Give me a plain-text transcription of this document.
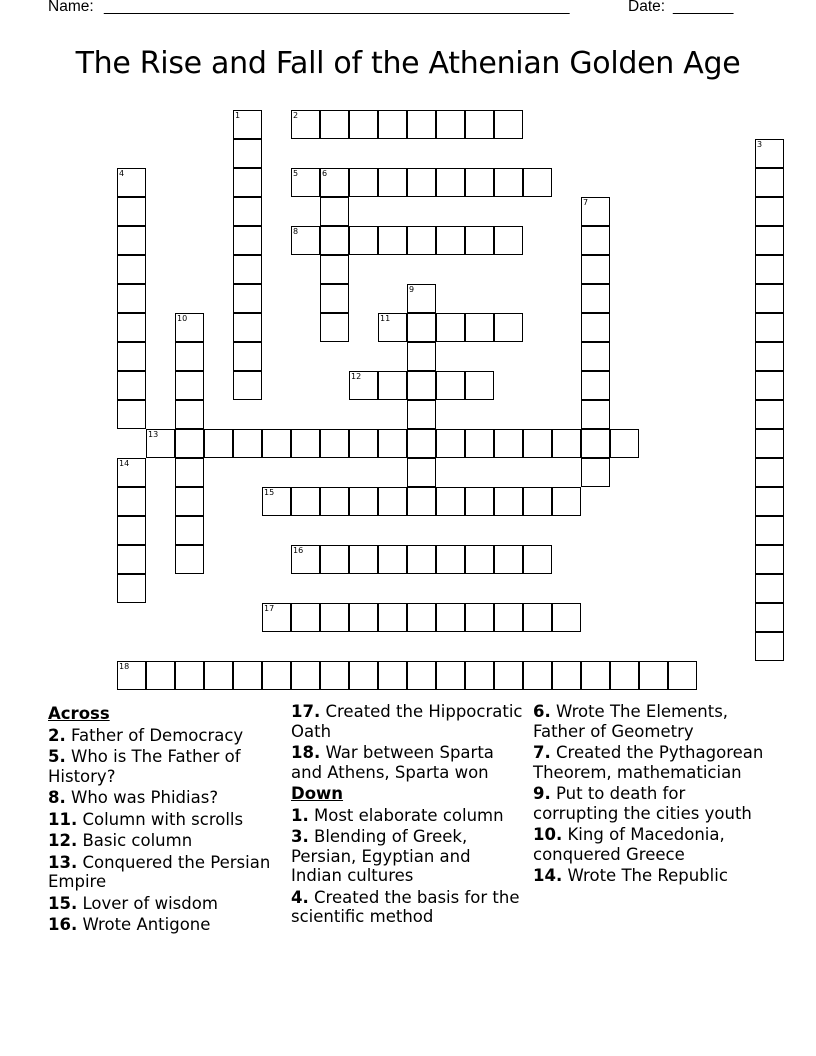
Name: ______________________________________________________	Date: _______
The Rise and Fall of the Athenian Golden Age
1	2
3
4	5	6
7
8
9
10	11
12
13
14
15
16
17
18
Across
2. Father of Democracy
5. Who is The Father of History?
8. Who was Phidias?
11. Column with scrolls
12. Basic column
13. Conquered the Persian Empire
15. Lover of wisdom
16. Wrote Antigone
17. Created the Hippocratic Oath
18. War between Sparta and Athens, Sparta won
Down
1. Most elaborate column
3. Blending of Greek, Persian, Egyptian and Indian cultures
4. Created the basis for the scientific method
6. Wrote The Elements, Father of Geometry
7. Created the Pythagorean Theorem, mathematician
9. Put to death for corrupting the cities youth
10. King of Macedonia, conquered Greece
14. Wrote The Republic
